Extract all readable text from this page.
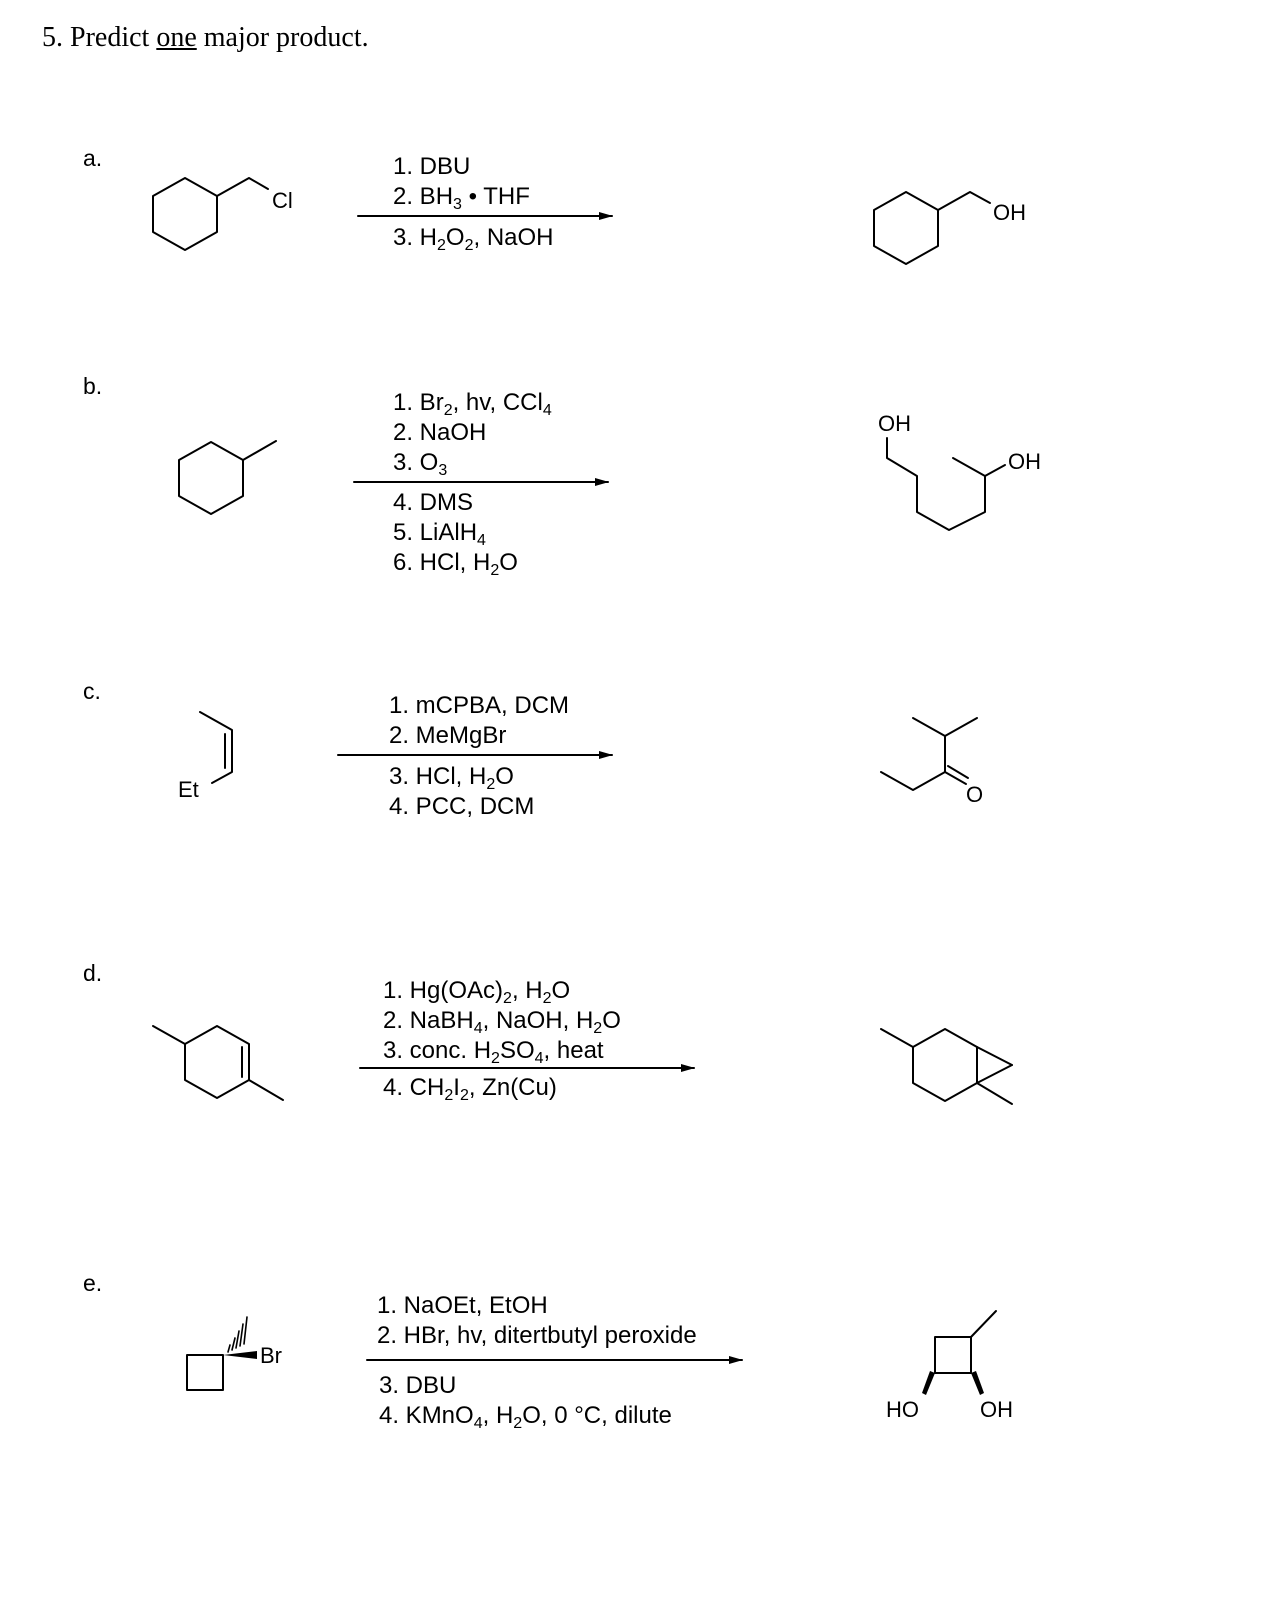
5. Predict one major product.
a.
b.
c.
d.
e.
1. DBU
2. $BH_3$ • THF
3. $H_2O_2$, NaOH
1. $Br_2$, hv, CCl$_4$
2. NaOH
3. $O_3$
4. DMS
5. LiAlH$_4$
6. HCl, $H_2O$
1. mCPBA, DCM
2. MeMgBr
3. HCl, $H_2O$
4. PCC, DCM
1. $Hg(OAc)_2$, $H_2O$
2. NaBH$_4$, NaOH, $H_2O$
3. conc. $H_2SO_4$, heat
4. $CH_2I_2$, Zn(Cu)
1. NaOEt, EtOH
2. HBr, hv, ditertbutyl peroxide
3. DBU
4. KMnO$_4$, $H_2O$, 0 °C, dilute
Cl	OH
OH
OH
Et	O
Br
HO	OH
